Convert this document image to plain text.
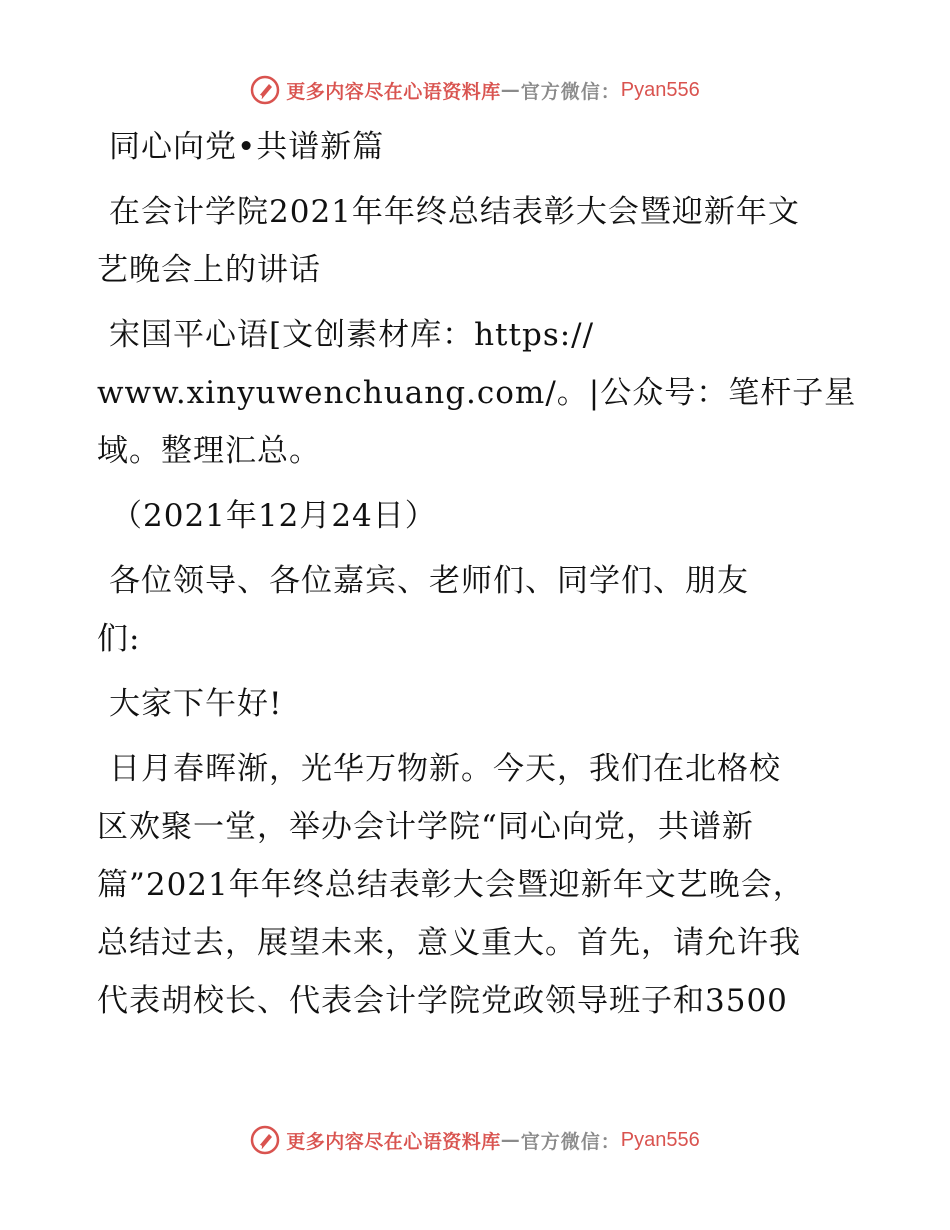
更多内容尽在心语资料库 — 官方微信： Pyan556

同心向党•共谱新篇

在会计学院2021年年终总结表彰大会暨迎新年文

艺晚会上的讲话

宋国平心语[文创素材库：https://

www.xinyuwenchuang.com/。|公众号：笔杆子星

域。整理汇总。

（2021年12月24日）

各位领导、各位嘉宾、老师们、同学们、朋友

们:

大家下午好!

日月春晖渐，光华万物新。今天，我们在北格校

区欢聚一堂，举办会计学院“同心向党，共谱新

篇”2021年年终总结表彰大会暨迎新年文艺晚会，

总结过去，展望未来，意义重大。首先，请允许我

代表胡校长、代表会计学院党政领导班子和3500

更多内容尽在心语资料库 — 官方微信： Pyan556
